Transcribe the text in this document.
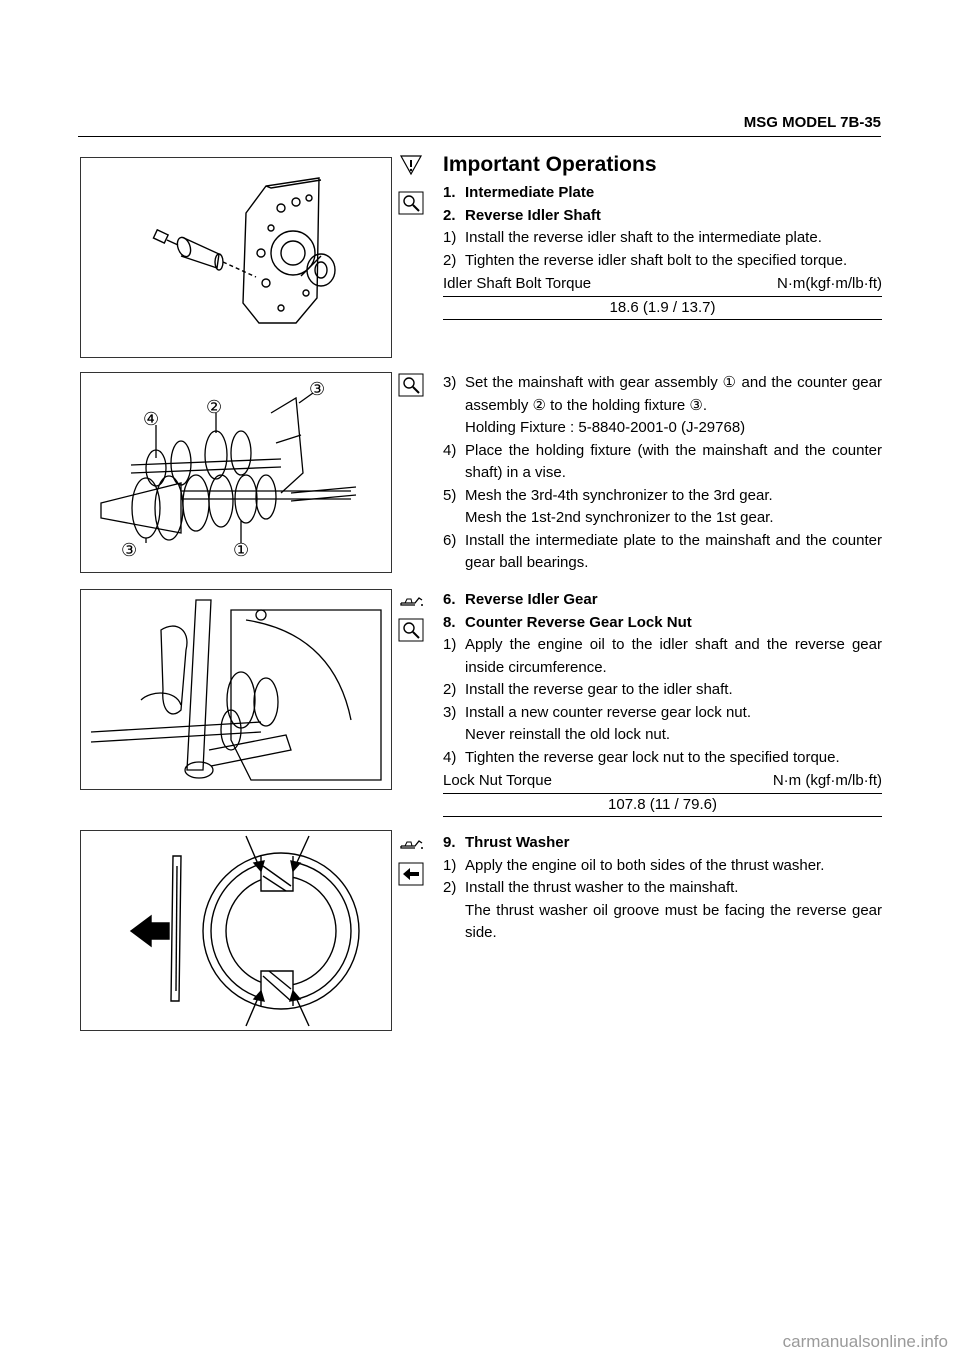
MSG MODEL 7B-35

Important Operations

1. Intermediate Plate
2. Reverse Idler Shaft
1) Install the reverse idler shaft to the intermediate plate.
2) Tighten the reverse idler shaft bolt to the specified torque.
Idler Shaft Bolt Torque	N·m(kgf·m/lb·ft)
18.6 (1.9 / 13.7)
④
②
③
③	①
3) Set the mainshaft with gear assembly ① and the counter gear assembly ② to the holding fixture ③.

Holding Fixture : 5-8840-2001-0 (J-29768)

4) Place the holding fixture (with the mainshaft and the counter shaft) in a vise.
5) Mesh the 3rd-4th synchronizer to the 3rd gear.

Mesh the 1st-2nd synchronizer to the 1st gear.

6) Install the intermediate plate to the mainshaft and the counter gear ball bearings.
6. Reverse Idler Gear
8. Counter Reverse Gear Lock Nut
1) Apply the engine oil to the idler shaft and the reverse gear inside circumference.
2) Install the reverse gear to the idler shaft.
3) Install a new counter reverse gear lock nut.

Never reinstall the old lock nut.

4) Tighten the reverse gear lock nut to the specified torque.
Lock Nut Torque	N·m (kgf·m/lb·ft)
107.8 (11 / 79.6)
9. Thrust Washer
1) Apply the engine oil to both sides of the thrust washer.
2) Install the thrust washer to the mainshaft.

The thrust washer oil groove must be facing the reverse gear side.

carmanualsonline.info
